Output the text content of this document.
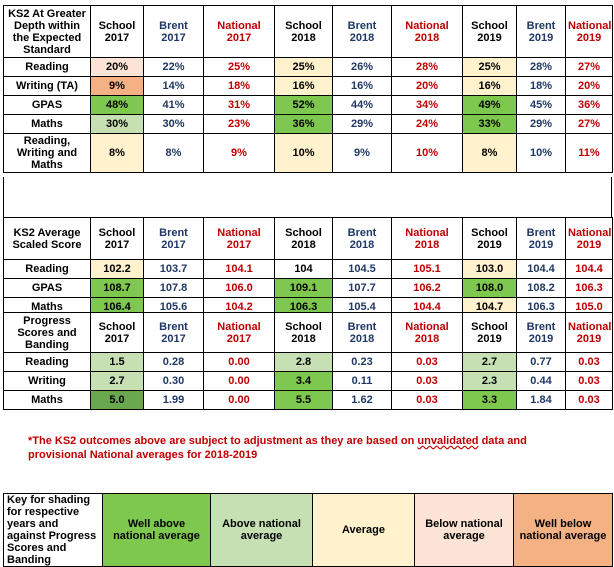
KS2 At Greater Depth within the Expected Standard	School 2017	Brent 2017	National 2017	School 2018	Brent 2018	National 2018	School 2019	Brent 2019	National 2019
Reading	20%	22%	25%	25%	26%	28%	25%	28%	27%
Writing (TA)	9%	14%	18%	16%	16%	20%	16%	18%	20%
GPAS	48%	41%	31%	52%	44%	34%	49%	45%	36%
Maths	30%	30%	23%	36%	29%	24%	33%	29%	27%
Reading, Writing and Maths	8%	8%	9%	10%	9%	10%	8%	10%	11%
KS2 Average Scaled Score	School 2017	Brent 2017	National 2017	School 2018	Brent 2018	National 2018	School 2019	Brent 2019	National 2019
Reading	102.2	103.7	104.1	104	104.5	105.1	103.0	104.4	104.4
GPAS	108.7	107.8	106.0	109.1	107.7	106.2	108.0	108.2	106.3
Maths	106.4	105.6	104.2	106.3	105.4	104.4	104.7	106.3	105.0
Progress Scores and Banding	School 2017	Brent 2017	National 2017	School 2018	Brent 2018	National 2018	School 2019	Brent 2019	National 2019
Reading	1.5	0.28	0.00	2.8	0.23	0.03	2.7	0.77	0.03
Writing	2.7	0.30	0.00	3.4	0.11	0.03	2.3	0.44	0.03
Maths	5.0	1.99	0.00	5.5	1.62	0.03	3.3	1.84	0.03
*The KS2 outcomes above are subject to adjustment as they are based on unvalidated data and provisional National averages for 2018-2019
Key for shading for respective years and against Progress Scores and Banding	Well above national average	Above national average	Average	Below national average	Well below national average
